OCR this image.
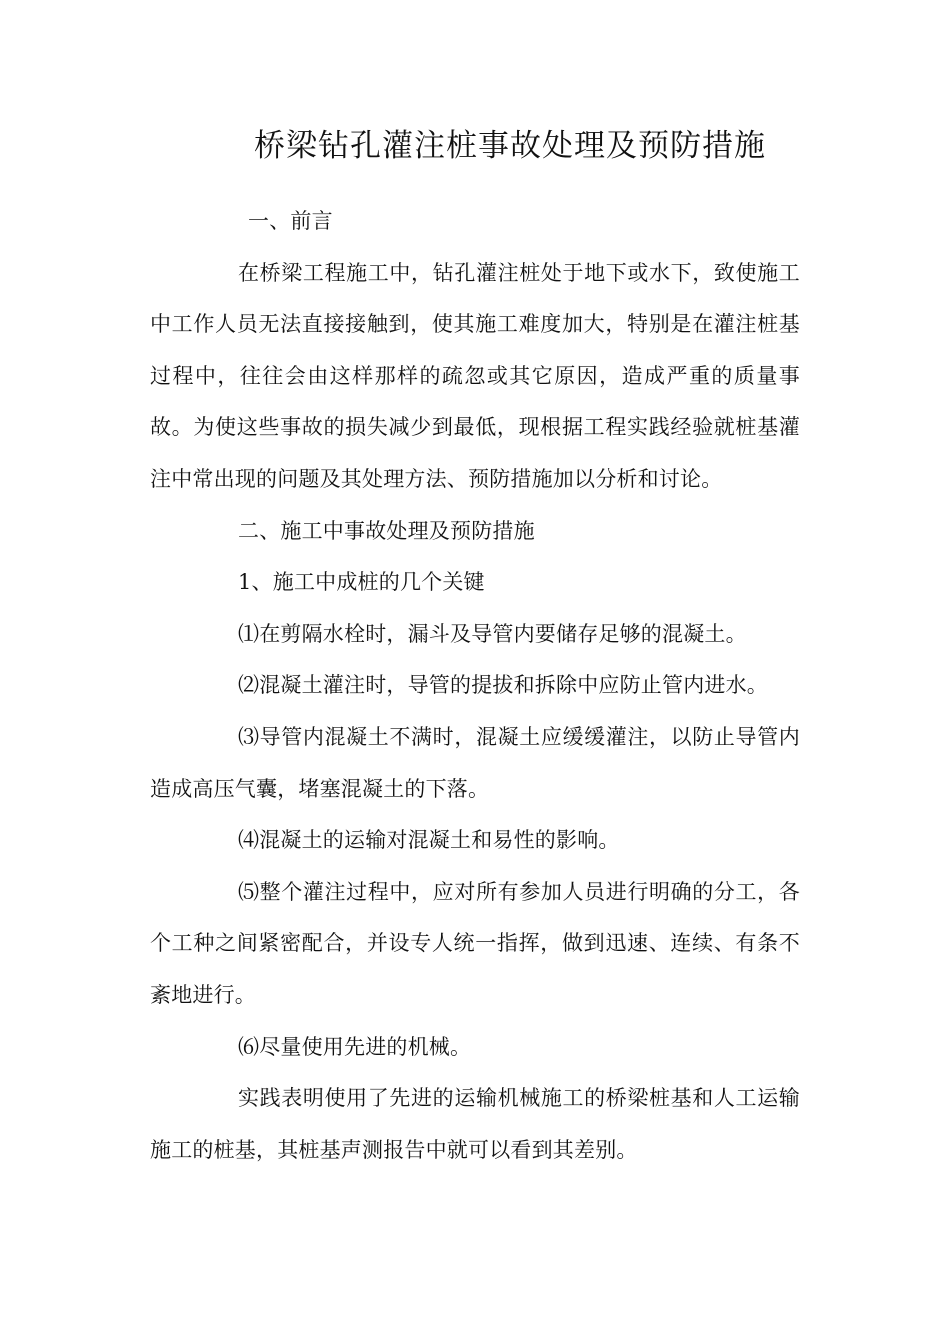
桥梁钻孔灌注桩事故处理及预防措施

一、前言

在桥梁工程施工中，钻孔灌注桩处于地下或水下，致使施工中工作人员无法直接接触到，使其施工难度加大，特别是在灌注桩基过程中，往往会由这样那样的疏忽或其它原因，造成严重的质量事故。为使这些事故的损失减少到最低，现根据工程实践经验就桩基灌注中常出现的问题及其处理方法、预防措施加以分析和讨论。

二、施工中事故处理及预防措施

1、施工中成桩的几个关键

⑴在剪隔水栓时，漏斗及导管内要储存足够的混凝土。

⑵混凝土灌注时，导管的提拔和拆除中应防止管内进水。

⑶导管内混凝土不满时，混凝土应缓缓灌注，以防止导管内造成高压气囊，堵塞混凝土的下落。

⑷混凝土的运输对混凝土和易性的影响。

⑸整个灌注过程中，应对所有参加人员进行明确的分工，各个工种之间紧密配合，并设专人统一指挥，做到迅速、连续、有条不紊地进行。

⑹尽量使用先进的机械。

实践表明使用了先进的运输机械施工的桥梁桩基和人工运输施工的桩基，其桩基声测报告中就可以看到其差别。
